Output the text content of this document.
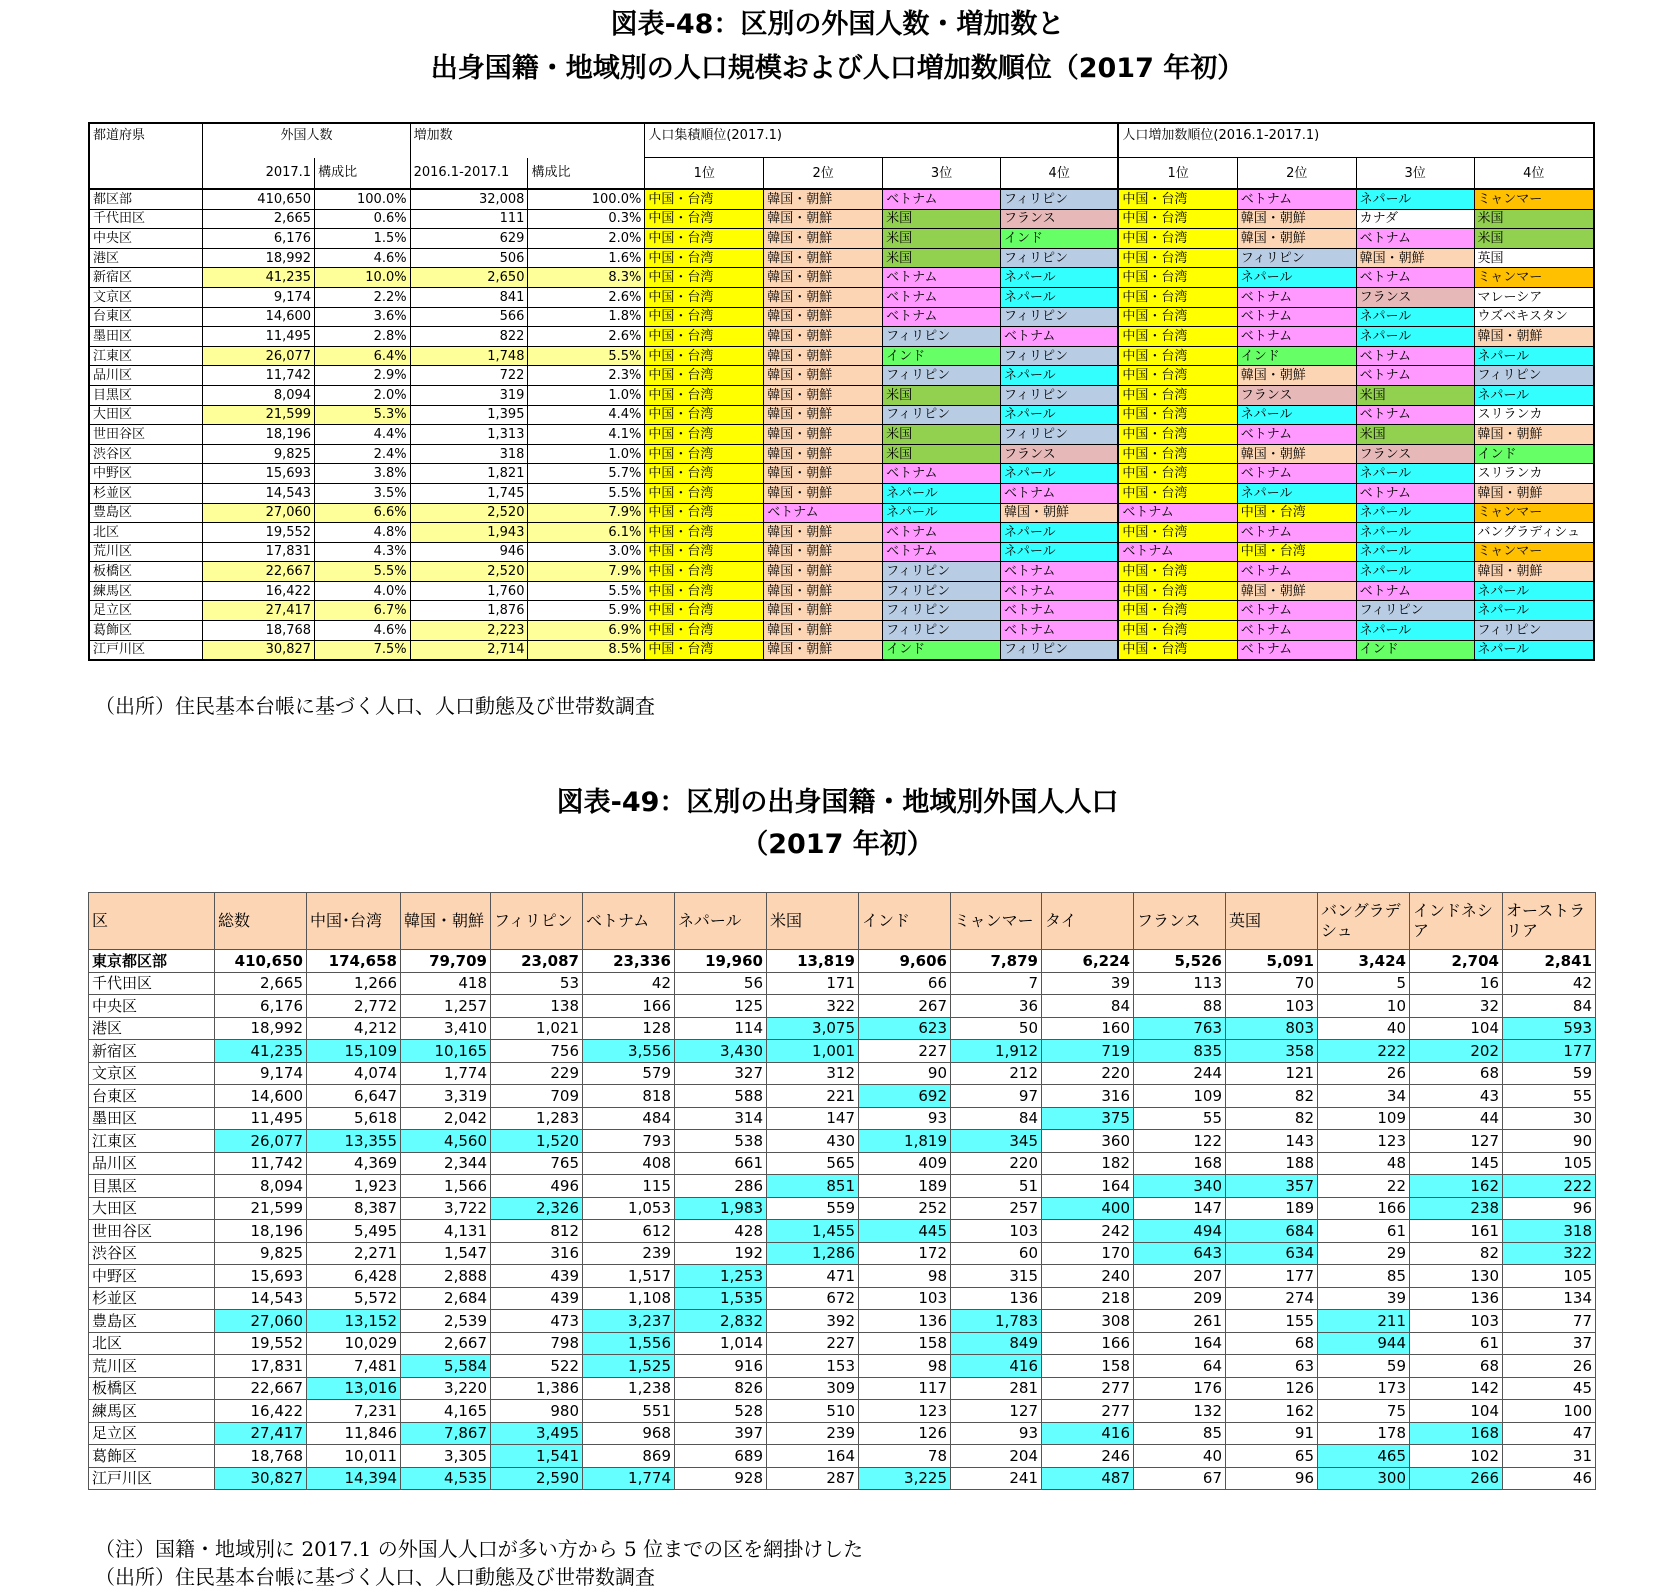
図表-48：区別の外国人数・増加数と
出身国籍・地域別の人口規模および人口増加数順位（2017 年初）
都道府県	外国人数		増加数		人口集積順位(2017.1)				人口増加数順位(2016.1-2017.1)			
	2017.1	構成比	2016.1-2017.1	構成比	1位	2位	3位	4位	1位	2位	3位	4位
都区部	410,650	100.0%	32,008	100.0%	中国・台湾	韓国・朝鮮	ベトナム	フィリピン	中国・台湾	ベトナム	ネパール	ミャンマー
千代田区	2,665	0.6%	111	0.3%	中国・台湾	韓国・朝鮮	米国	フランス	中国・台湾	韓国・朝鮮	カナダ	米国
中央区	6,176	1.5%	629	2.0%	中国・台湾	韓国・朝鮮	米国	インド	中国・台湾	韓国・朝鮮	ベトナム	米国
港区	18,992	4.6%	506	1.6%	中国・台湾	韓国・朝鮮	米国	フィリピン	中国・台湾	フィリピン	韓国・朝鮮	英国
新宿区	41,235	10.0%	2,650	8.3%	中国・台湾	韓国・朝鮮	ベトナム	ネパール	中国・台湾	ネパール	ベトナム	ミャンマー
文京区	9,174	2.2%	841	2.6%	中国・台湾	韓国・朝鮮	ベトナム	ネパール	中国・台湾	ベトナム	フランス	マレーシア
台東区	14,600	3.6%	566	1.8%	中国・台湾	韓国・朝鮮	ベトナム	フィリピン	中国・台湾	ベトナム	ネパール	ウズベキスタン
墨田区	11,495	2.8%	822	2.6%	中国・台湾	韓国・朝鮮	フィリピン	ベトナム	中国・台湾	ベトナム	ネパール	韓国・朝鮮
江東区	26,077	6.4%	1,748	5.5%	中国・台湾	韓国・朝鮮	インド	フィリピン	中国・台湾	インド	ベトナム	ネパール
品川区	11,742	2.9%	722	2.3%	中国・台湾	韓国・朝鮮	フィリピン	ネパール	中国・台湾	韓国・朝鮮	ベトナム	フィリピン
目黒区	8,094	2.0%	319	1.0%	中国・台湾	韓国・朝鮮	米国	フィリピン	中国・台湾	フランス	米国	ネパール
大田区	21,599	5.3%	1,395	4.4%	中国・台湾	韓国・朝鮮	フィリピン	ネパール	中国・台湾	ネパール	ベトナム	スリランカ
世田谷区	18,196	4.4%	1,313	4.1%	中国・台湾	韓国・朝鮮	米国	フィリピン	中国・台湾	ベトナム	米国	韓国・朝鮮
渋谷区	9,825	2.4%	318	1.0%	中国・台湾	韓国・朝鮮	米国	フランス	中国・台湾	韓国・朝鮮	フランス	インド
中野区	15,693	3.8%	1,821	5.7%	中国・台湾	韓国・朝鮮	ベトナム	ネパール	中国・台湾	ベトナム	ネパール	スリランカ
杉並区	14,543	3.5%	1,745	5.5%	中国・台湾	韓国・朝鮮	ネパール	ベトナム	中国・台湾	ネパール	ベトナム	韓国・朝鮮
豊島区	27,060	6.6%	2,520	7.9%	中国・台湾	ベトナム	ネパール	韓国・朝鮮	ベトナム	中国・台湾	ネパール	ミャンマー
北区	19,552	4.8%	1,943	6.1%	中国・台湾	韓国・朝鮮	ベトナム	ネパール	中国・台湾	ベトナム	ネパール	バングラディシュ
荒川区	17,831	4.3%	946	3.0%	中国・台湾	韓国・朝鮮	ベトナム	ネパール	ベトナム	中国・台湾	ネパール	ミャンマー
板橋区	22,667	5.5%	2,520	7.9%	中国・台湾	韓国・朝鮮	フィリピン	ベトナム	中国・台湾	ベトナム	ネパール	韓国・朝鮮
練馬区	16,422	4.0%	1,760	5.5%	中国・台湾	韓国・朝鮮	フィリピン	ベトナム	中国・台湾	韓国・朝鮮	ベトナム	ネパール
足立区	27,417	6.7%	1,876	5.9%	中国・台湾	韓国・朝鮮	フィリピン	ベトナム	中国・台湾	ベトナム	フィリピン	ネパール
葛飾区	18,768	4.6%	2,223	6.9%	中国・台湾	韓国・朝鮮	フィリピン	ベトナム	中国・台湾	ベトナム	ネパール	フィリピン
江戸川区	30,827	7.5%	2,714	8.5%	中国・台湾	韓国・朝鮮	インド	フィリピン	中国・台湾	ベトナム	インド	ネパール
（出所）住民基本台帳に基づく人口、人口動態及び世帯数調査
図表-49：区別の出身国籍・地域別外国人人口
（2017 年初）
区	総数	中国･台湾	韓国・朝鮮	フィリピン	ベトナム	ネパール	米国	インド	ミャンマー	タイ	フランス	英国	バングラデシュ	インドネシア	オーストラリア
東京都区部	410,650	174,658	79,709	23,087	23,336	19,960	13,819	9,606	7,879	6,224	5,526	5,091	3,424	2,704	2,841
千代田区	2,665	1,266	418	53	42	56	171	66	7	39	113	70	5	16	42
中央区	6,176	2,772	1,257	138	166	125	322	267	36	84	88	103	10	32	84
港区	18,992	4,212	3,410	1,021	128	114	3,075	623	50	160	763	803	40	104	593
新宿区	41,235	15,109	10,165	756	3,556	3,430	1,001	227	1,912	719	835	358	222	202	177
文京区	9,174	4,074	1,774	229	579	327	312	90	212	220	244	121	26	68	59
台東区	14,600	6,647	3,319	709	818	588	221	692	97	316	109	82	34	43	55
墨田区	11,495	5,618	2,042	1,283	484	314	147	93	84	375	55	82	109	44	30
江東区	26,077	13,355	4,560	1,520	793	538	430	1,819	345	360	122	143	123	127	90
品川区	11,742	4,369	2,344	765	408	661	565	409	220	182	168	188	48	145	105
目黒区	8,094	1,923	1,566	496	115	286	851	189	51	164	340	357	22	162	222
大田区	21,599	8,387	3,722	2,326	1,053	1,983	559	252	257	400	147	189	166	238	96
世田谷区	18,196	5,495	4,131	812	612	428	1,455	445	103	242	494	684	61	161	318
渋谷区	9,825	2,271	1,547	316	239	192	1,286	172	60	170	643	634	29	82	322
中野区	15,693	6,428	2,888	439	1,517	1,253	471	98	315	240	207	177	85	130	105
杉並区	14,543	5,572	2,684	439	1,108	1,535	672	103	136	218	209	274	39	136	134
豊島区	27,060	13,152	2,539	473	3,237	2,832	392	136	1,783	308	261	155	211	103	77
北区	19,552	10,029	2,667	798	1,556	1,014	227	158	849	166	164	68	944	61	37
荒川区	17,831	7,481	5,584	522	1,525	916	153	98	416	158	64	63	59	68	26
板橋区	22,667	13,016	3,220	1,386	1,238	826	309	117	281	277	176	126	173	142	45
練馬区	16,422	7,231	4,165	980	551	528	510	123	127	277	132	162	75	104	100
足立区	27,417	11,846	7,867	3,495	968	397	239	126	93	416	85	91	178	168	47
葛飾区	18,768	10,011	3,305	1,541	869	689	164	78	204	246	40	65	465	102	31
江戸川区	30,827	14,394	4,535	2,590	1,774	928	287	3,225	241	487	67	96	300	266	46
（注）国籍・地域別に 2017.1 の外国人人口が多い方から 5 位までの区を網掛けした
（出所）住民基本台帳に基づく人口、人口動態及び世帯数調査
